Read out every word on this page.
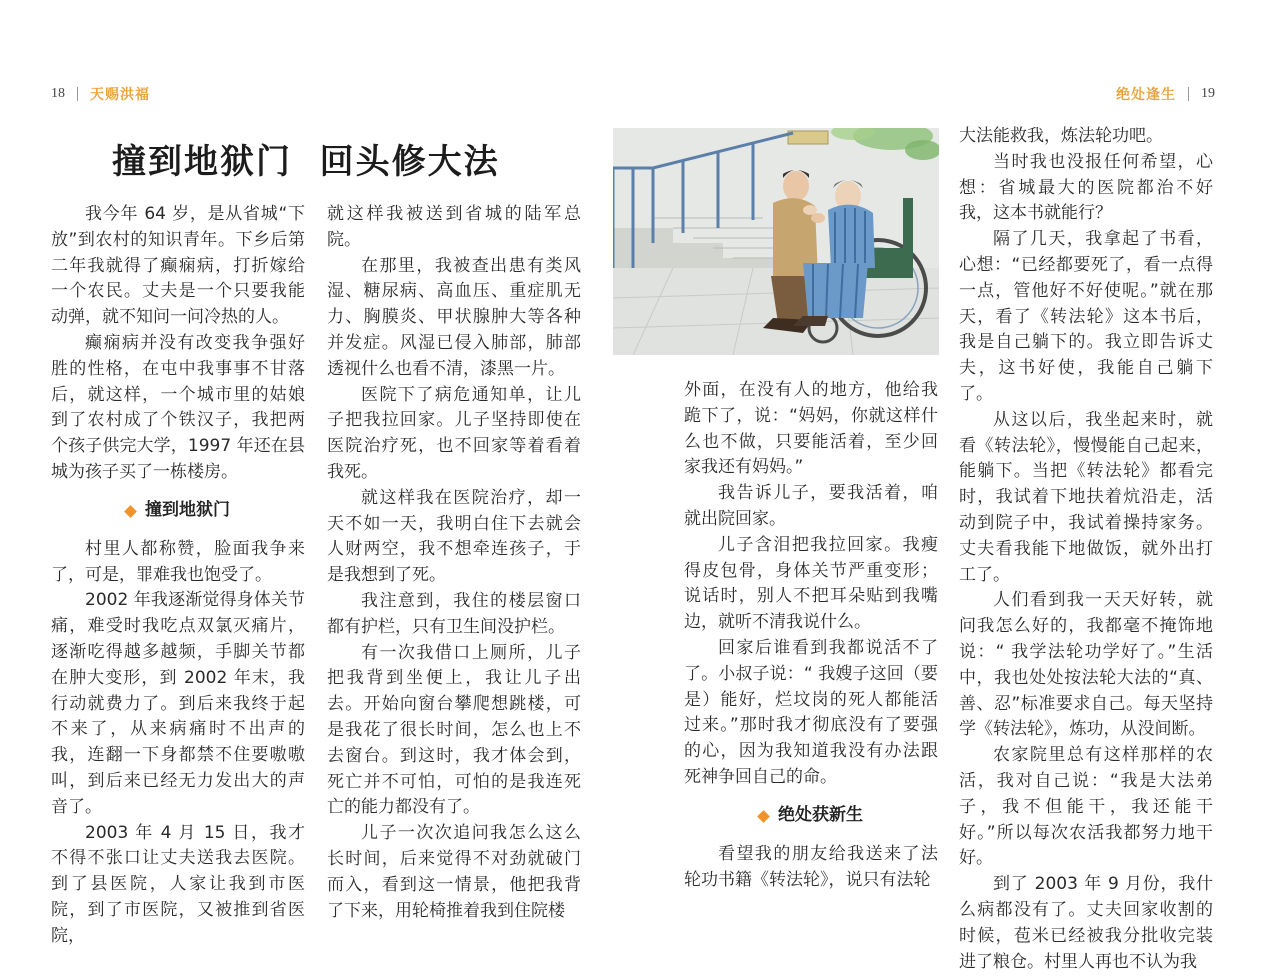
18 天赐洪福	绝处逢生 19
撞到地狱门  回头修大法

我今年 64 岁，是从省城“下放”到农村的知识青年。下乡后第二年我就得了癫痫病，打折嫁给一个农民。丈夫是一个只要我能动弹，就不知问一问冷热的人。

癫痫病并没有改变我争强好胜的性格，在屯中我事事不甘落后，就这样，一个城市里的姑娘到了农村成了个铁汉子，我把两个孩子供完大学，1997 年还在县城为孩子买了一栋楼房。

撞到地狱门

村里人都称赞，脸面我争来了，可是，罪难我也饱受了。

2002 年我逐渐觉得身体关节痛，难受时我吃点双氯灭痛片，逐渐吃得越多越频，手脚关节都在肿大变形，到 2002 年末，我行动就费力了。到后来我终于起不来了，从来病痛时不出声的我，连翻一下身都禁不住要嗷嗷叫，到后来已经无力发出大的声音了。

2003 年 4 月 15 日，我才不得不张口让丈夫送我去医院。到了县医院，人家让我到市医院，到了市医院，又被推到省医院，

就这样我被送到省城的陆军总院。

在那里，我被查出患有类风湿、糖尿病、高血压、重症肌无力、胸膜炎、甲状腺肿大等各种并发症。风湿已侵入肺部，肺部透视什么也看不清，漆黑一片。

医院下了病危通知单，让儿子把我拉回家。儿子坚持即使在医院治疗死，也不回家等着看着我死。

就这样我在医院治疗，却一天不如一天，我明白住下去就会人财两空，我不想牵连孩子，于是我想到了死。

我注意到，我住的楼层窗口都有护栏，只有卫生间没护栏。

有一次我借口上厕所，儿子把我背到坐便上，我让儿子出去。开始向窗台攀爬想跳楼，可是我花了很长时间，怎么也上不去窗台。到这时，我才体会到，死亡并不可怕，可怕的是我连死亡的能力都没有了。

儿子一次次追问我怎么这么长时间，后来觉得不对劲就破门而入，看到这一情景，他把我背了下来，用轮椅推着我到住院楼

外面，在没有人的地方，他给我跪下了，说：“妈妈，你就这样什么也不做，只要能活着，至少回家我还有妈妈。”

我告诉儿子，要我活着，咱就出院回家。

儿子含泪把我拉回家。我瘦得皮包骨，身体关节严重变形；说话时，别人不把耳朵贴到我嘴边，就听不清我说什么。

回家后谁看到我都说活不了了。小叔子说：“ 我嫂子这回（要是）能好，烂坟岗的死人都能活过来。”那时我才彻底没有了要强的心，因为我知道我没有办法跟死神争回自己的命。

绝处获新生

看望我的朋友给我送来了法轮功书籍《转法轮》，说只有法轮

大法能救我，炼法轮功吧。

当时我也没报任何希望，心想：省城最大的医院都治不好我，这本书就能行？

隔了几天，我拿起了书看，心想：“已经都要死了，看一点得一点，管他好不好使呢。”就在那天，看了《转法轮》这本书后，我是自己躺下的。我立即告诉丈夫，这书好使，我能自己躺下了。

从这以后，我坐起来时，就看《转法轮》，慢慢能自己起来，能躺下。当把《转法轮》都看完时，我试着下地扶着炕沿走，活动到院子中，我试着操持家务。丈夫看我能下地做饭，就外出打工了。

人们看到我一天天好转，就问我怎么好的，我都毫不掩饰地说：“ 我学法轮功学好了。”生活中，我也处处按法轮大法的“真、善、忍”标准要求自己。每天坚持学《转法轮》，炼功，从没间断。

农家院里总有这样那样的农活，我对自己说：“我是大法弟子，我不但能干，我还能干好。”所以每次农活我都努力地干好。

到了 2003 年 9 月份，我什么病都没有了。丈夫回家收割的时候，苞米已经被我分批收完装进了粮仓。村里人再也不认为我
